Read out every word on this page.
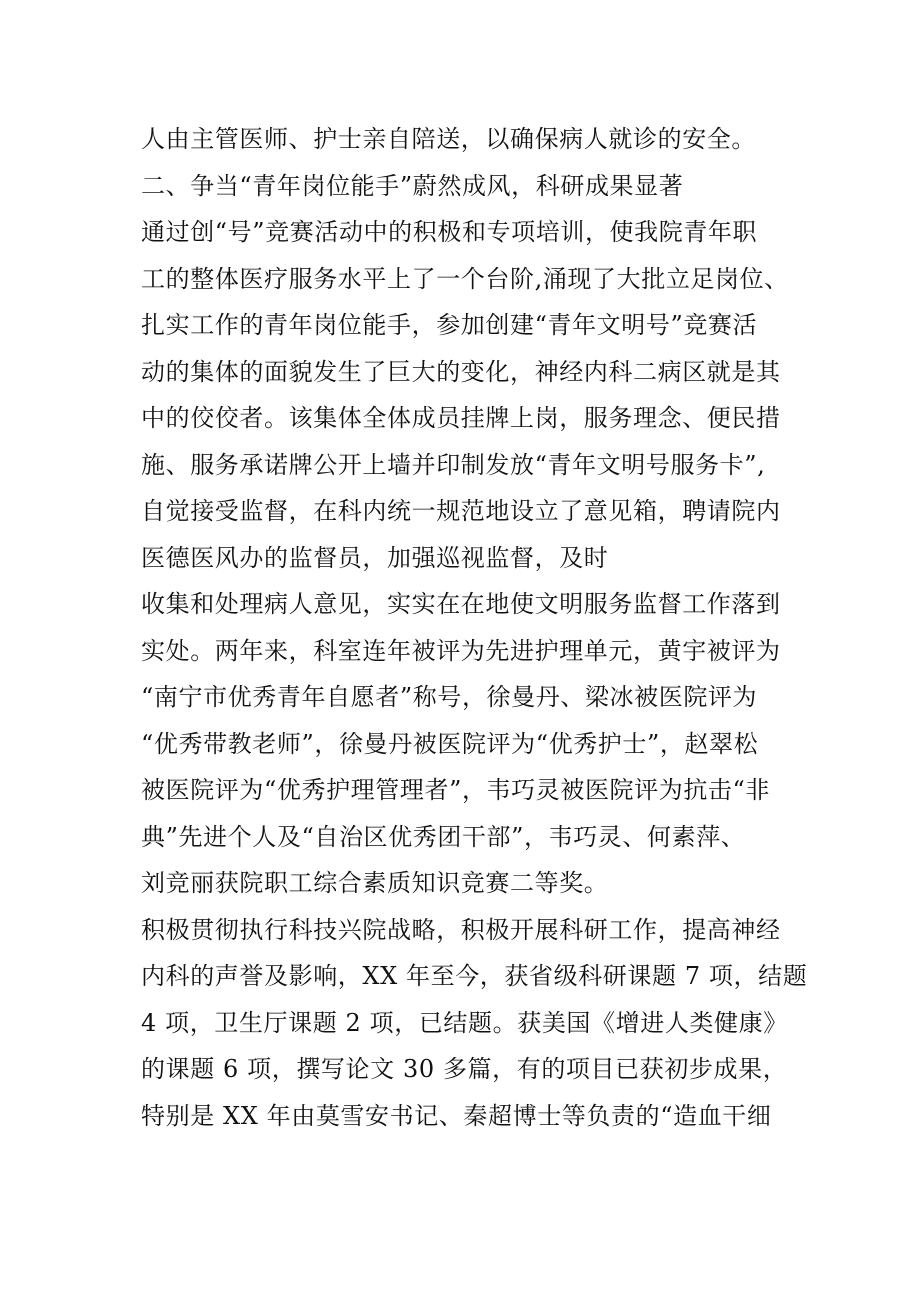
人由主管医师、护士亲自陪送，以确保病人就诊的安全。
二、争当“青年岗位能手”蔚然成风，科研成果显著
通过创“号”竞赛活动中的积极和专项培训，使我院青年职
工的整体医疗服务水平上了一个台阶,涌现了大批立足岗位、
扎实工作的青年岗位能手，参加创建“青年文明号”竞赛活
动的集体的面貌发生了巨大的变化，神经内科二病区就是其
中的佼佼者。该集体全体成员挂牌上岗，服务理念、便民措
施、服务承诺牌公开上墙并印制发放“青年文明号服务卡”,
自觉接受监督，在科内统一规范地设立了意见箱，聘请院内
医德医风办的监督员，加强巡视监督，及时
收集和处理病人意见，实实在在地使文明服务监督工作落到
实处。两年来，科室连年被评为先进护理单元，黄宇被评为
“南宁市优秀青年自愿者”称号，徐曼丹、梁冰被医院评为
“优秀带教老师”，徐曼丹被医院评为“优秀护士”，赵翠松
被医院评为“优秀护理管理者”，韦巧灵被医院评为抗击“非
典”先进个人及“自治区优秀团干部”，韦巧灵、何素萍、
刘竞丽获院职工综合素质知识竞赛二等奖。
积极贯彻执行科技兴院战略，积极开展科研工作，提高神经
内科的声誉及影响，XX 年至今，获省级科研课题 7 项，结题
4 项，卫生厅课题 2 项，已结题。获美国《增进人类健康》
的课题 6 项，撰写论文 30 多篇，有的项目已获初步成果，
特别是 XX 年由莫雪安书记、秦超博士等负责的“造血干细
